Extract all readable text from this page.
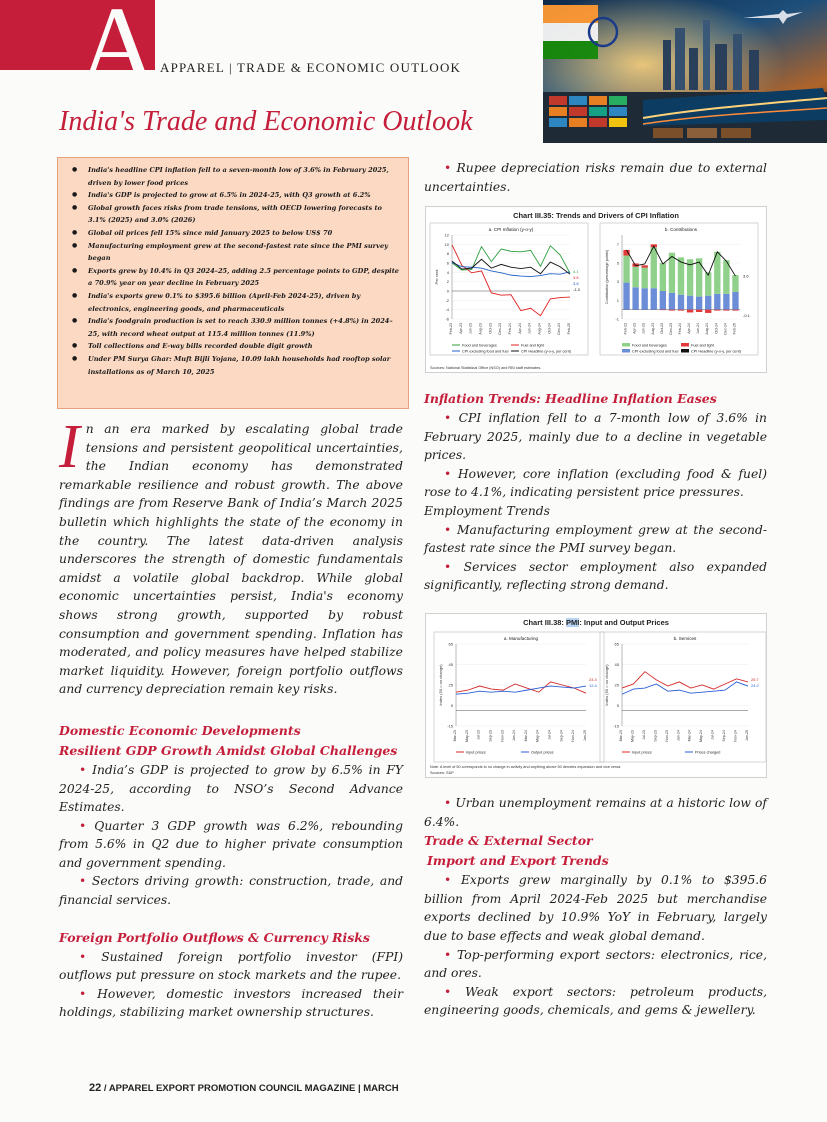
A APPAREL | TRADE & ECONOMIC OUTLOOK
India's Trade and Economic Outlook
● India's headline CPI inflation fell to a seven-month low of 3.6% in February 2025, driven by lower food prices
● India's GDP is projected to grow at 6.5% in 2024-25, with Q3 growth at 6.2%
● Global growth faces risks from trade tensions, with OECD lowering forecasts to 3.1% (2025) and 3.0% (2026)
● Global oil prices fell 15% since mid January 2025 to below US$ 70
● Manufacturing employment grew at the second-fastest rate since the PMI survey began
● Exports grew by 10.4% in Q3 2024–25, adding 2.5 percentage points to GDP, despite a 70.9% year on year decline in February 2025
● India's exports grew 0.1% to $395.6 billion (April-Feb 2024-25), driven by electronics, engineering goods, and pharmaceuticals
● India's foodgrain production is set to reach 330.9 million tonnes (+4.8%) in 2024–25, with record wheat output at 115.4 million tonnes (11.9%)
● Toll collections and E-way bills recorded double digit growth
● Under PM Surya Ghar: Muft Bijli Yojana, 10.09 lakh households had rooftop solar installations as of March 10, 2025

In an era marked by escalating global trade tensions and persistent geopolitical uncertainties, the Indian economy has demonstrated remarkable resilience and robust growth. The above findings are from Reserve Bank of India’s March 2025 bulletin which highlights the state of the economy in the country. The latest data-driven analysis underscores the strength of domestic fundamentals amidst a volatile global backdrop. While global economic uncertainties persist, India's economy shows strong growth, supported by robust consumption and government spending. Inflation has moderated, and policy measures have helped stabilize market liquidity. However, foreign portfolio outflows and currency depreciation remain key risks.

Domestic Economic Developments
Resilient GDP Growth Amidst Global Challenges

• India’s GDP is projected to grow by 6.5% in FY 2024-25, according to NSO’s Second Advance Estimates.

• Quarter 3 GDP growth was 6.2%, rebounding from 5.6% in Q2 due to higher private consumption and government spending.

• Sectors driving growth: construction, trade, and financial services.

Foreign Portfolio Outflows & Currency Risks

• Sustained foreign portfolio investor (FPI) outflows put pressure on stock markets and the rupee.

• However, domestic investors increased their holdings, stabilizing market ownership structures.

• Rupee depreciation risks remain due to external uncertainties.

Chart III.35: Trends and Drivers of CPI Inflation
a. CPI Inflation (y-o-y)
-6
-4
-2
0
2
4
6
8
10
12
Per cent
Feb-23 Apr-23 Jun-23 Aug-23 Oct-23 Dec-23 Feb-24 Apr-24 Jun-24 Aug-24 Oct-24 Dec-24 Feb-25
4.1
3.6
3.8
-1.3
Food and beverages	Fuel and light
CPI excluding food and fuel	CPI Headline (y-o-y, per cent)
b. Contributions
-1
1
3
5
7
Contribution (percentage points)
Feb-23 Apr-23 Jun-23 Aug-23 Oct-23 Dec-23 Feb-24 Apr-24 Jun-24 Aug-24 Oct-24 Dec-24 Feb-25
3.6
-0.1
Food and beverages	Fuel and light
CPI excluding food and fuel	CPI Headline (y-o-y, per cent)
Sources: National Statistical Office (NSO) and RBI staff estimates.
Inflation Trends: Headline Inflation Eases

• CPI inflation fell to a 7-month low of 3.6% in February 2025, mainly due to a decline in vegetable prices.

• However, core inflation (excluding food & fuel) rose to 4.1%, indicating persistent price pressures.

Employment Trends

• Manufacturing employment grew at the second-fastest rate since the PMI survey began.

• Services sector employment also expanded significantly, reflecting strong demand.

Chart III.38: PMI: Input and Output Prices
a. Manufacturing
-15
5
25
45
65
Index (50 = no change)
Mar-23 May-23 Jul-23 Sep-23 Nov-23 Jan-24 Mar-24 May-24 Jul-24 Sep-24 Nov-24 Jan-25
24.3
12.4
Input prices	Output prices
b. Services
-15
5
25
45
65
Index (50 = no change)
Mar-23 May-23 Jul-23 Sep-23 Nov-23 Jan-24 Mar-24 May-24 Jul-24 Sep-24 Nov-24 Jan-25
26.7
24.2
Input prices	Prices charged
Note: A level of 50 corresponds to no change in activity and anything above 50 denotes expansion and vice versa.
Sources: S&P

• Urban unemployment remains at a historic low of 6.4%.

Trade & External Sector
Import and Export Trends

• Exports grew marginally by 0.1% to $395.6 billion from April 2024-Feb 2025 but merchandise exports declined by 10.9% YoY in February, largely due to base effects and weak global demand.

• Top-performing export sectors: electronics, rice, and ores.

• Weak export sectors: petroleum products, engineering goods, chemicals, and gems & jewellery.

22 / APPAREL EXPORT PROMOTION COUNCIL MAGAZINE | MARCH
